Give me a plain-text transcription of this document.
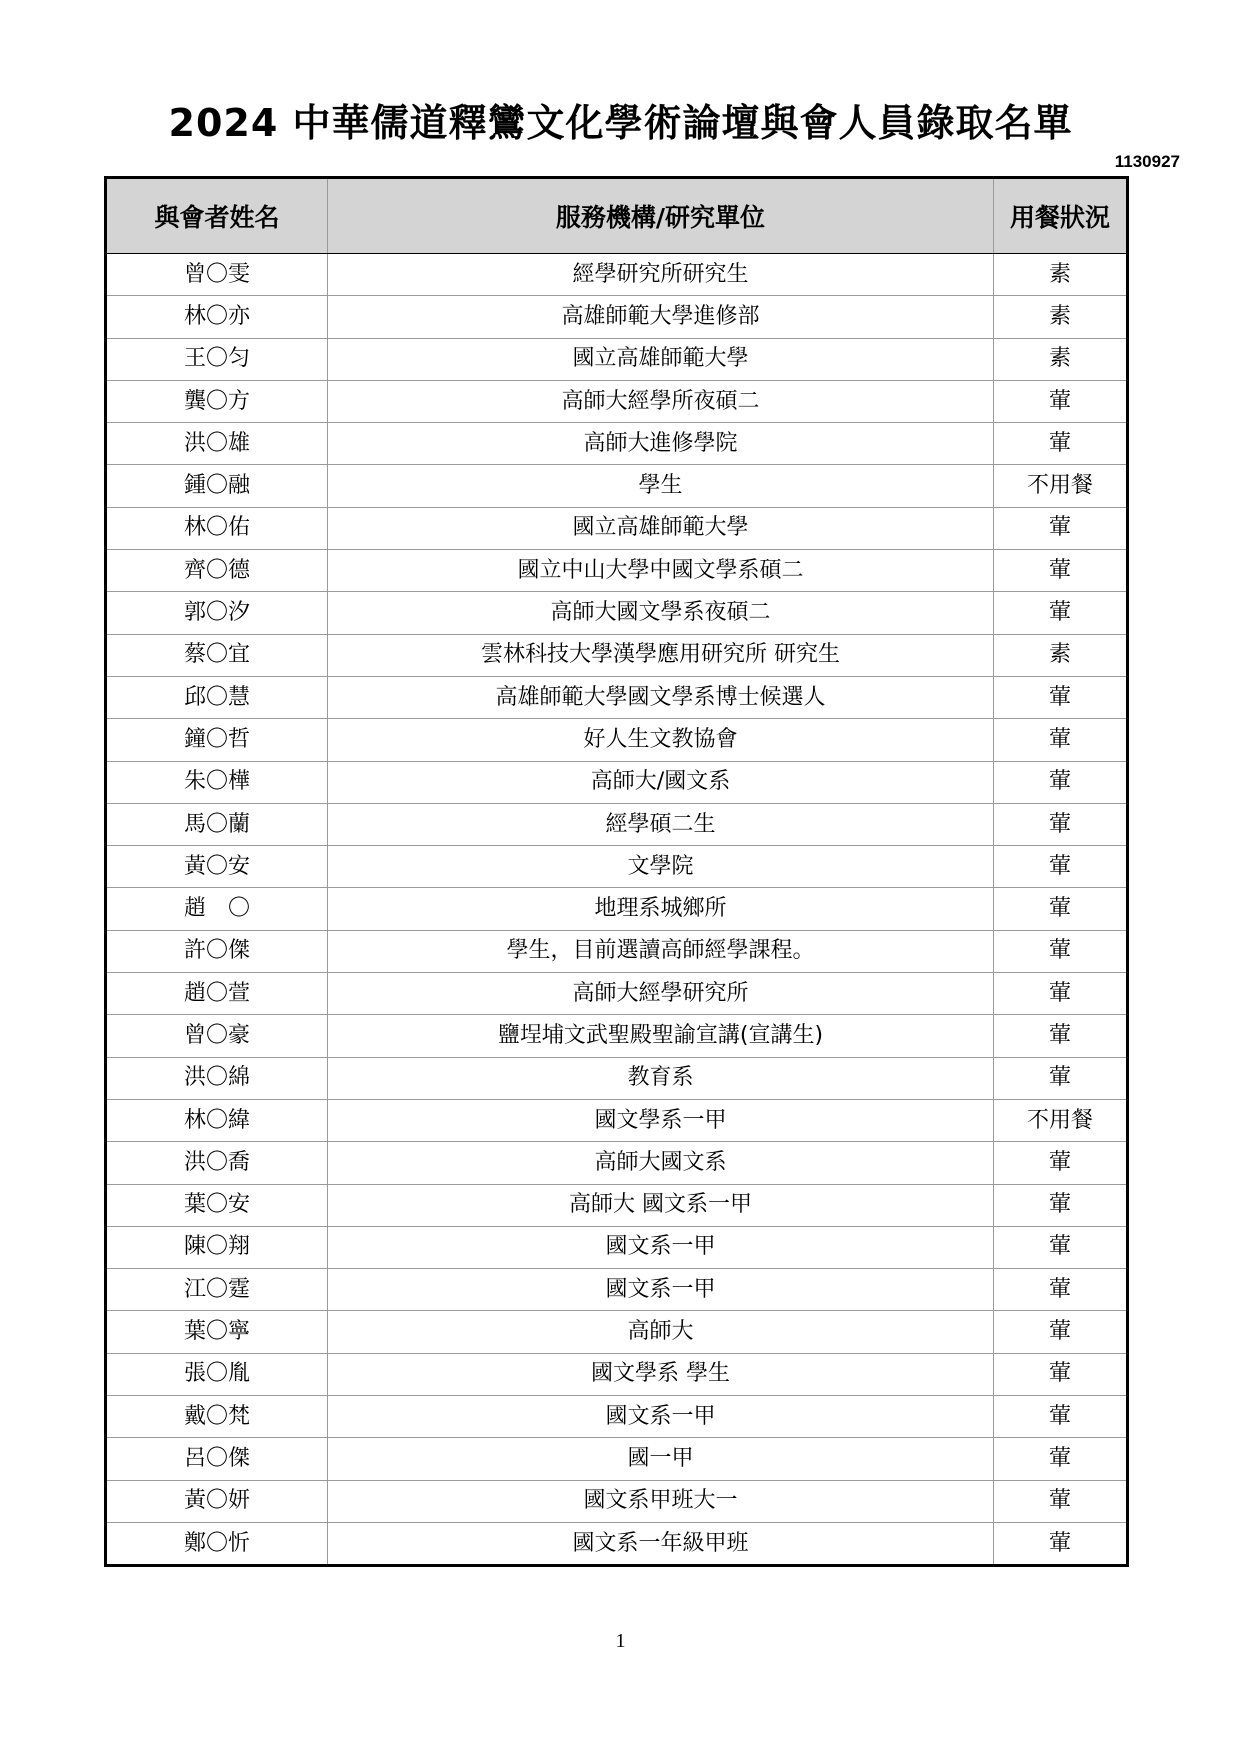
2024 中華儒道釋鸞文化學術論壇與會人員錄取名單
1130927
與會者姓名	服務機構/研究單位	用餐狀況
曾〇雯	經學研究所研究生	素
林〇亦	高雄師範大學進修部	素
王〇匀	國立高雄師範大學	素
龔〇方	高師大經學所夜碩二	葷
洪〇雄	高師大進修學院	葷
鍾〇融	學生	不用餐
林〇佑	國立高雄師範大學	葷
齊〇德	國立中山大學中國文學系碩二	葷
郭〇汐	高師大國文學系夜碩二	葷
蔡〇宜	雲林科技大學漢學應用研究所 研究生	素
邱〇慧	高雄師範大學國文學系博士候選人	葷
鐘〇哲	好人生文教協會	葷
朱〇樺	高師大/國文系	葷
馬〇蘭	經學碩二生	葷
黃〇安	文學院	葷
趙　〇	地理系城鄉所	葷
許〇傑	學生，目前選讀高師經學課程。	葷
趙〇萱	高師大經學研究所	葷
曾〇豪	鹽埕埔文武聖殿聖諭宣講(宣講生)	葷
洪〇綿	教育系	葷
林〇緯	國文學系一甲	不用餐
洪〇喬	高師大國文系	葷
葉〇安	高師大 國文系一甲	葷
陳〇翔	國文系一甲	葷
江〇霆	國文系一甲	葷
葉〇寧	高師大	葷
張〇胤	國文學系 學生	葷
戴〇梵	國文系一甲	葷
呂〇傑	國一甲	葷
黃〇妍	國文系甲班大一	葷
鄭〇忻	國文系一年級甲班	葷
1
